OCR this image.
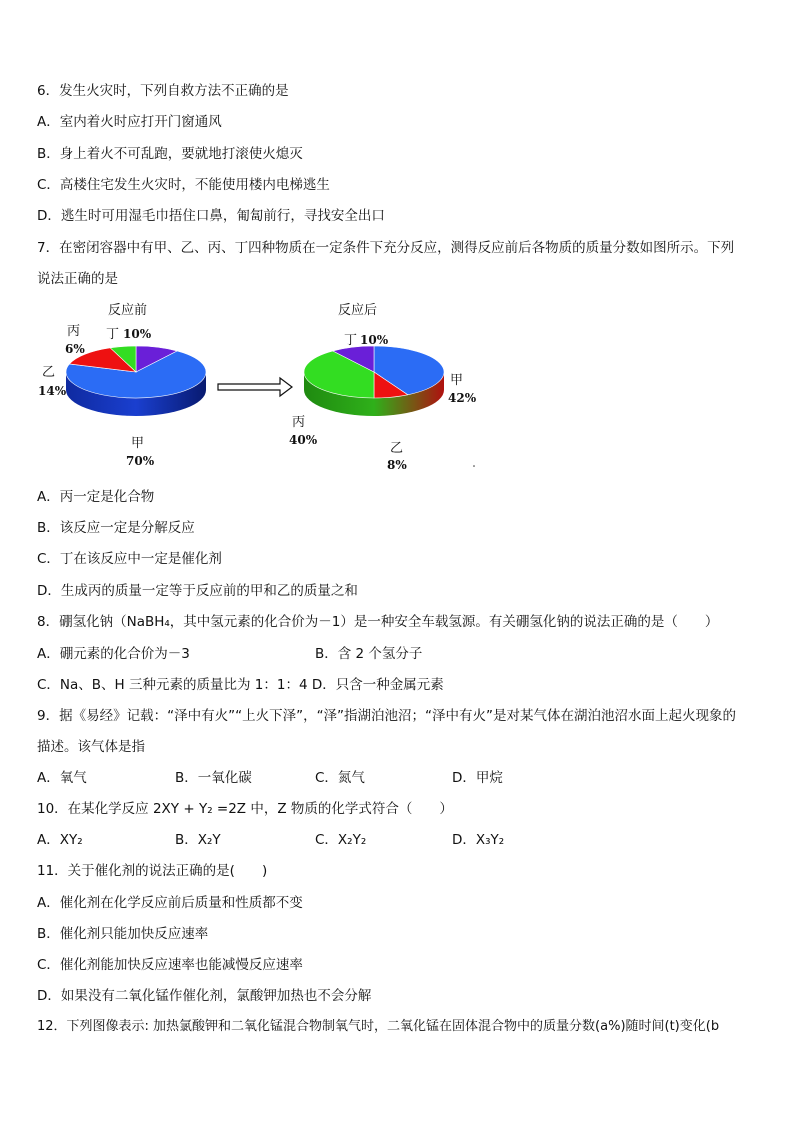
6．发生火灾时，下列自救方法不正确的是
A．室内着火时应打开门窗通风
B．身上着火不可乱跑，要就地打滚使火熄灭
C．高楼住宅发生火灾时，不能使用楼内电梯逃生
D．逃生时可用湿毛巾捂住口鼻，匍匐前行，寻找安全出口
7．在密闭容器中有甲、乙、丙、丁四种物质在一定条件下充分反应，测得反应前后各物质的质量分数如图所示。下列
说法正确的是
反应前
丁 10%
丙
6%
乙
14%
甲
70%
反应后
丁 10%
甲
42%
丙
40%
乙
8%
A．丙一定是化合物
B．该反应一定是分解反应
C．丁在该反应中一定是催化剂
D．生成丙的质量一定等于反应前的甲和乙的质量之和
8．硼氢化钠（NaBH₄，其中氢元素的化合价为－1）是一种安全车载氢源。有关硼氢化钠的说法正确的是（　　）
A．硼元素的化合价为－3	B．含 2 个氢分子
C．Na、B、H 三种元素的质量比为 1：1：4 D．只含一种金属元素
9．据《易经》记载：“泽中有火”“上火下泽”，“泽”指湖泊池沼；“泽中有火”是对某气体在湖泊池沼水面上起火现象的
描述。该气体是指
A．氧气	B．一氧化碳	C．氮气	D．甲烷
10．在某化学反应 2XY + Y₂ =2Z 中，Z 物质的化学式符合（　　）
A．XY₂	B．X₂Y	C．X₂Y₂	D．X₃Y₂
11．关于催化剂的说法正确的是(　　)
A．催化剂在化学反应前后质量和性质都不变
B．催化剂只能加快反应速率
C．催化剂能加快反应速率也能减慢反应速率
D．如果没有二氧化锰作催化剂，氯酸钾加热也不会分解
12．下列图像表示: 加热氯酸钾和二氧化锰混合物制氧气时，二氧化锰在固体混合物中的质量分数(a%)随时间(t)变化(b
